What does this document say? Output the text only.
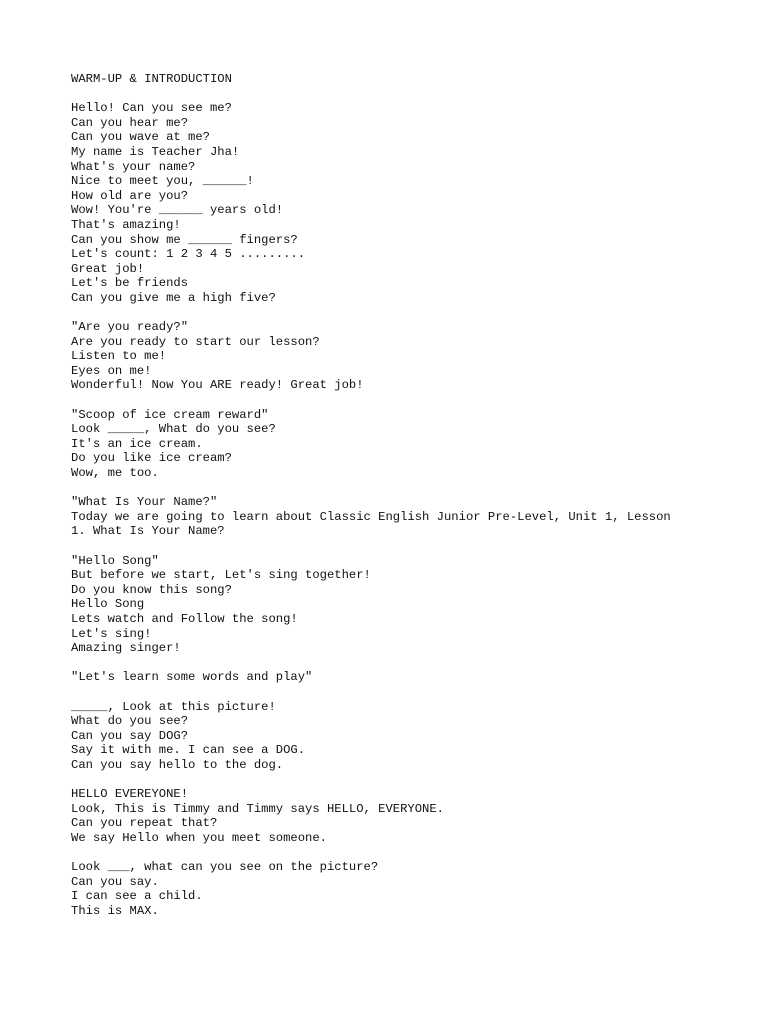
WARM-UP & INTRODUCTION
Hello! Can you see me?
Can you hear me?
Can you wave at me?
My name is Teacher Jha!
What's your name?
Nice to meet you, ______!
How old are you?
Wow! You're ______ years old!
That's amazing!
Can you show me ______ fingers?
Let's count: 1 2 3 4 5 .........
Great job!
Let's be friends
Can you give me a high five?
"Are you ready?"
Are you ready to start our lesson?
Listen to me!
Eyes on me!
Wonderful! Now You ARE ready! Great job!
"Scoop of ice cream reward"
Look _____, What do you see?
It's an ice cream.
Do you like ice cream?
Wow, me too.
"What Is Your Name?"
Today we are going to learn about Classic English Junior Pre-Level, Unit 1, Lesson
1. What Is Your Name?
"Hello Song"
But before we start, Let's sing together!
Do you know this song?
Hello Song
Lets watch and Follow the song!
Let's sing!
Amazing singer!
"Let's learn some words and play"
_____, Look at this picture!
What do you see?
Can you say DOG?
Say it with me. I can see a DOG.
Can you say hello to the dog.
HELLO EVEREYONE!
Look, This is Timmy and Timmy says HELLO, EVERYONE.
Can you repeat that?
We say Hello when you meet someone.
Look ___, what can you see on the picture?
Can you say.
I can see a child.
This is MAX.
